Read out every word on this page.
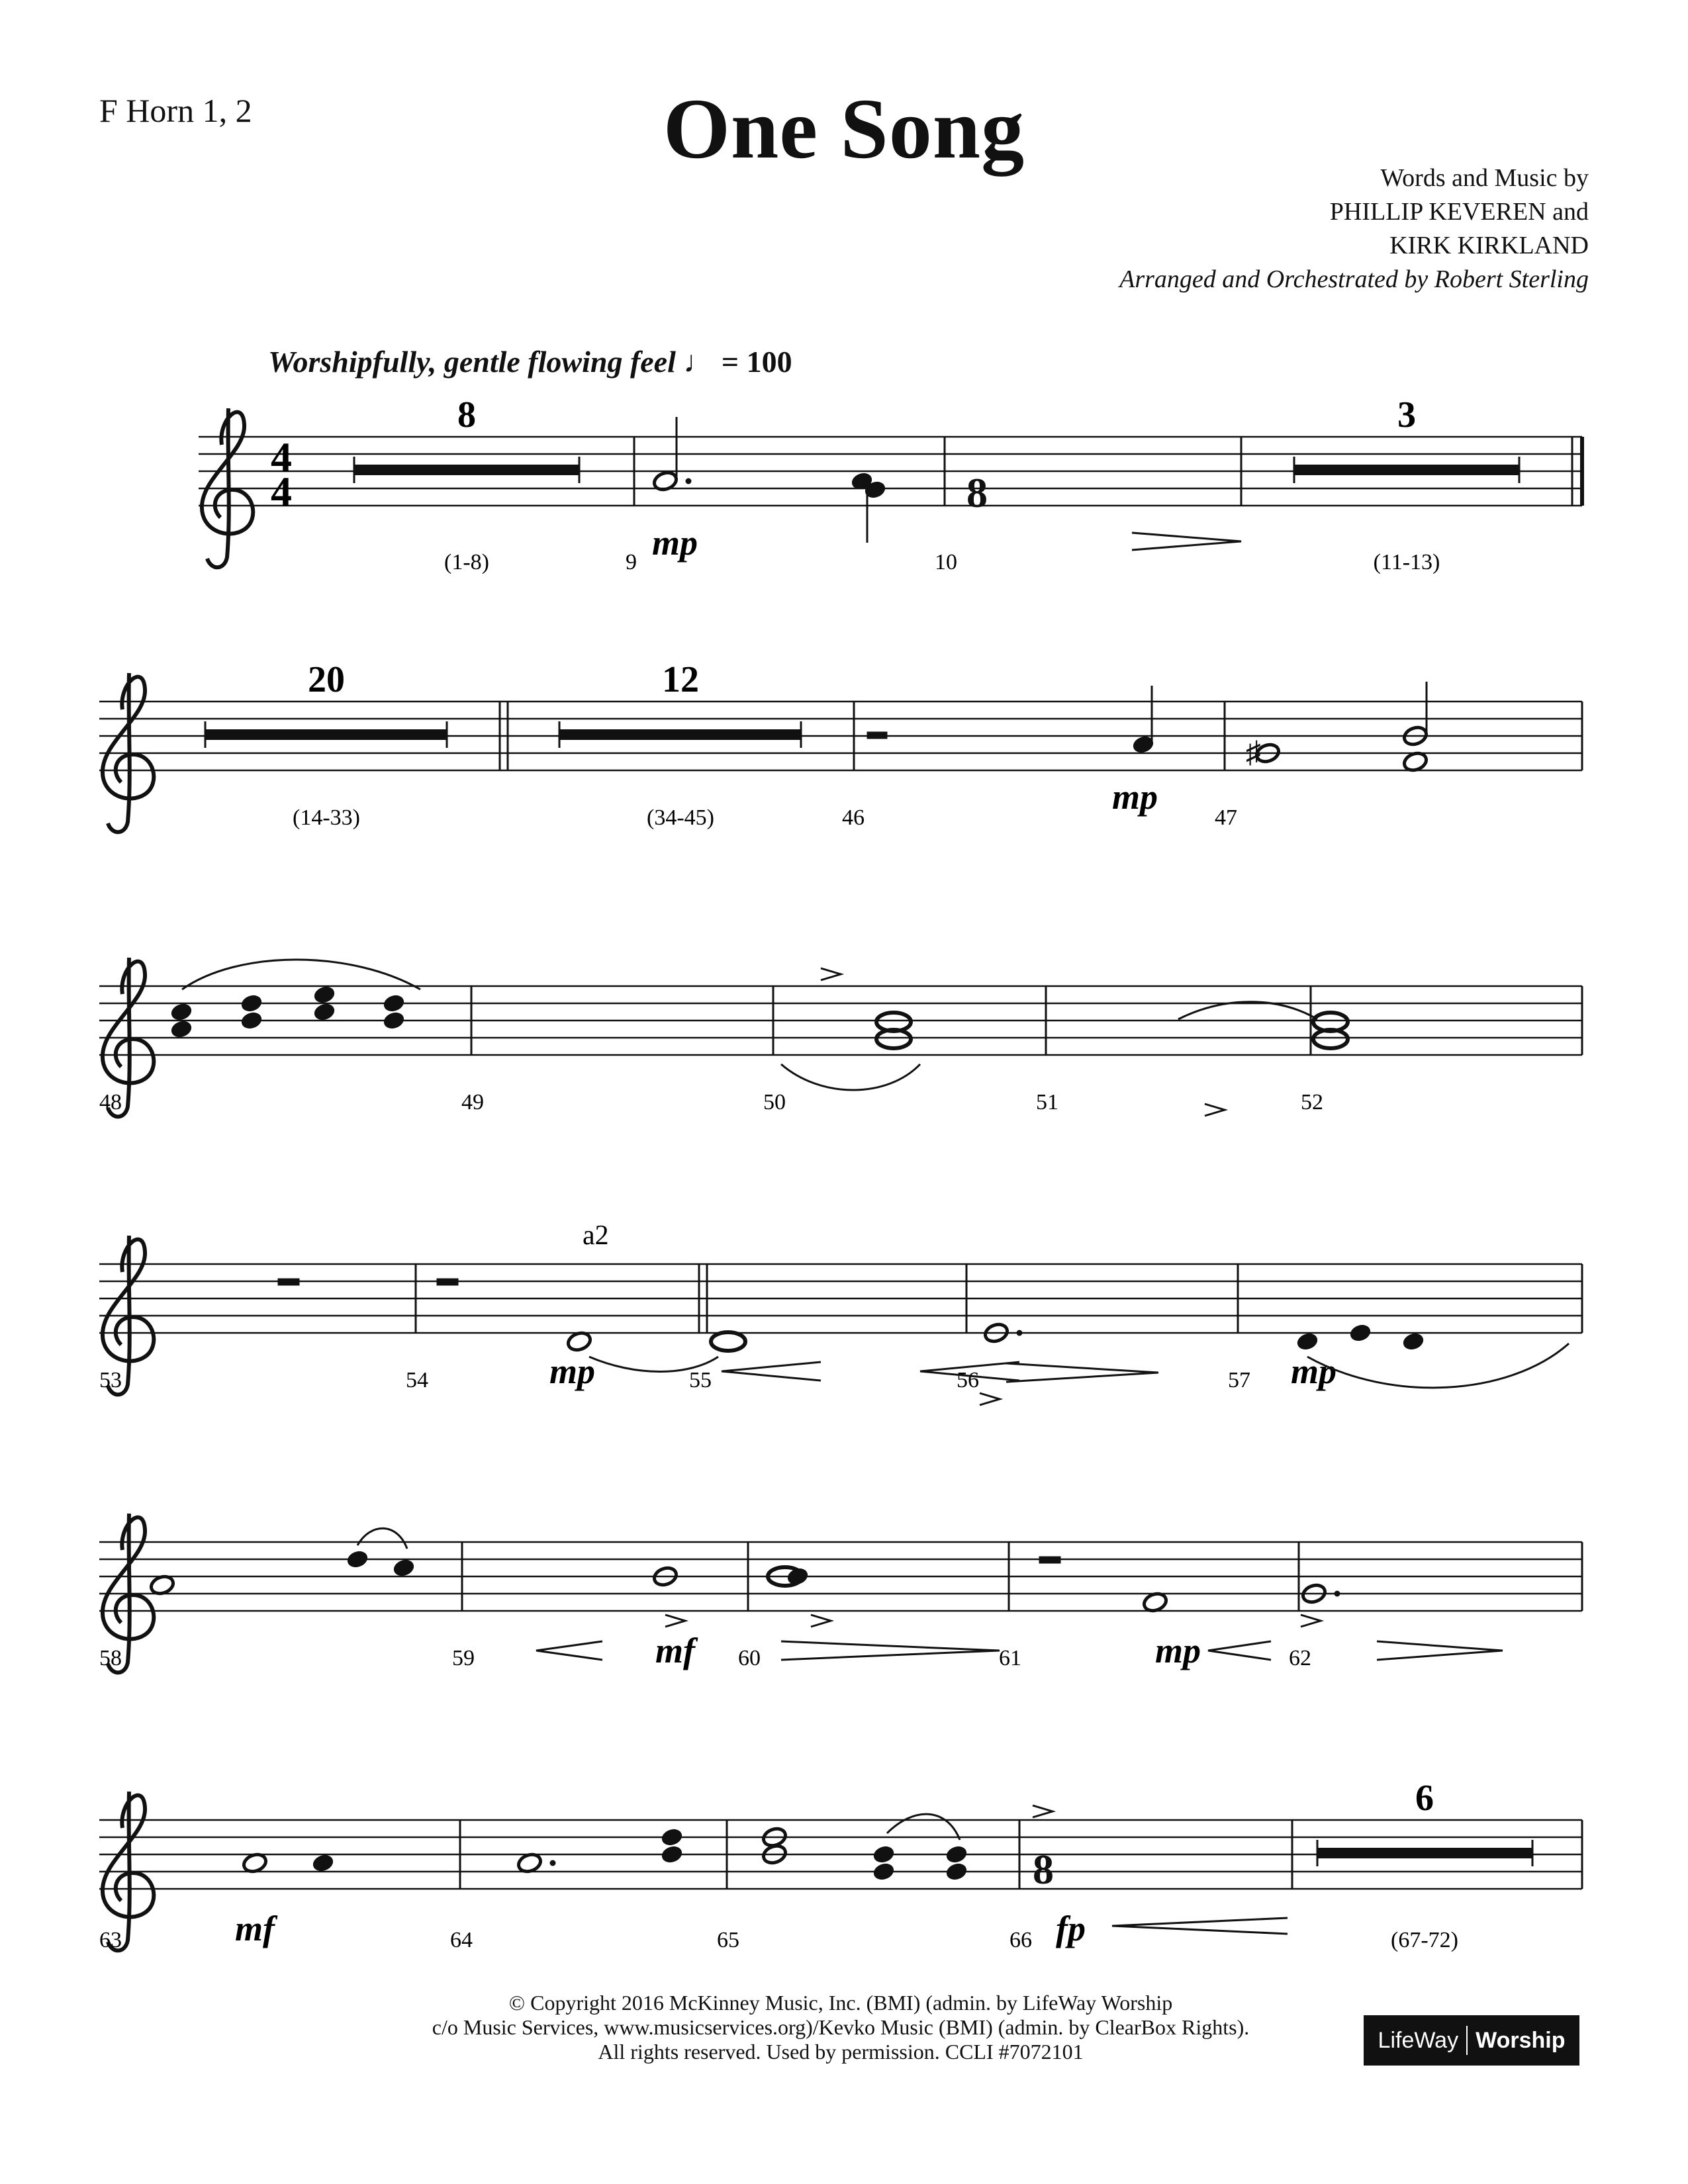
F Horn 1, 2	One Song
Words and Music by
PHILLIP KEVEREN and
KIRK KIRKLAND
Arranged and Orchestrated by Robert Sterling
Worshipfully, gentle flowing feel ♩ = 100
4
4
8	3
20	12
6
(1-8)	(11-13)
(14-33)	(34-45)
(67-72)
9	10
46	47
48	49	50	51	52
53	54	55	56	57
58	59	60	61	62
63	64	65	66
mp
mp
mp	mp
mf	mp
mf	fp
a2
8
♯
8
© Copyright 2016 McKinney Music, Inc. (BMI) (admin. by LifeWay Worship
c/o Music Services, www.musicservices.org)/Kevko Music (BMI) (admin. by ClearBox Rights).
All rights reserved. Used by permission. CCLI #7072101	LifeWay Worship
